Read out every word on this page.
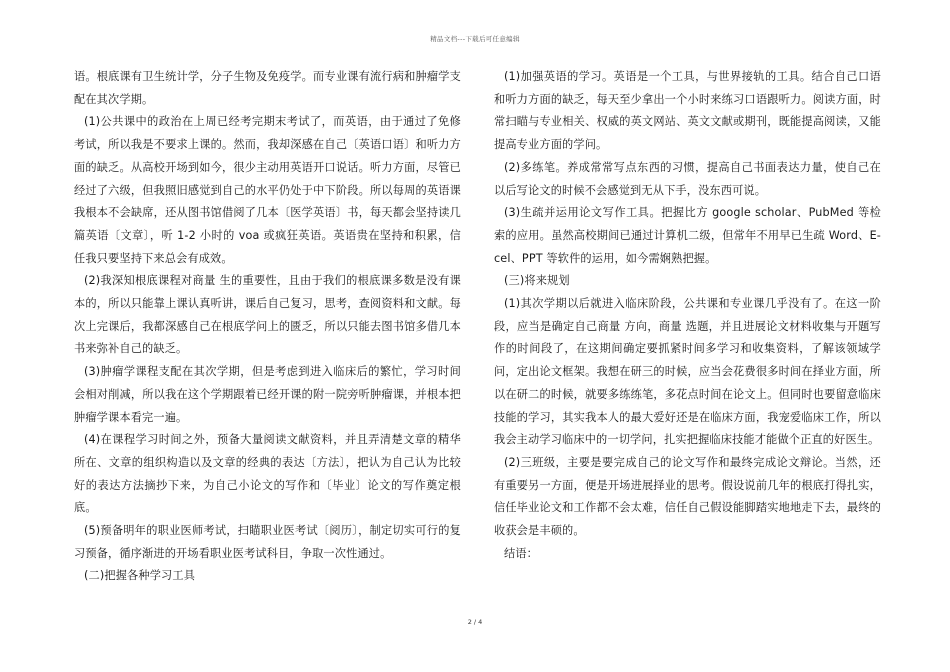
精品文档---下载后可任意编辑

语。根底课有卫生统计学，分子生物及免疫学。而专业课有流行病和肿瘤学支配在其次学期。

(1)公共课中的政治在上周已经考完期末考试了，而英语，由于通过了免修考试，所以我是不要求上课的。然而，我却深感在自己〔英语口语〕和听力方面的缺乏。从高校开场到如今，很少主动用英语开口说话。听力方面，尽管已经过了六级，但我照旧感觉到自己的水平仍处于中下阶段。所以每周的英语课我根本不会缺席，还从图书馆借阅了几本〔医学英语〕书，每天都会坚持读几篇英语〔文章〕，听 1-2 小时的 voa 或疯狂英语。英语贵在坚持和积累，信任我只要坚持下来总会有成效。

(2)我深知根底课程对商量 生的重要性，且由于我们的根底课多数是没有课本的，所以只能靠上课认真听讲，课后自己复习，思考，查阅资料和文献。每次上完课后，我都深感自己在根底学问上的匮乏，所以只能去图书馆多借几本书来弥补自己的缺乏。

(3)肿瘤学课程支配在其次学期，但是考虑到进入临床后的繁忙，学习时间会相对削减，所以我在这个学期跟着已经开课的附一院旁听肿瘤课，并根本把肿瘤学课本看完一遍。

(4)在课程学习时间之外，预备大量阅读文献资料，并且弄清楚文章的精华所在、文章的组织构造以及文章的经典的表达〔方法〕，把认为自己认为比较好的表达方法摘抄下来，为自己小论文的写作和〔毕业〕论文的写作奠定根底。

(5)预备明年的职业医师考试，扫瞄职业医考试〔阅历〕，制定切实可行的复习预备，循序渐进的开场看职业医考试科目，争取一次性通过。

(二)把握各种学习工具

(1)加强英语的学习。英语是一个工具，与世界接轨的工具。结合自己口语和听力方面的缺乏，每天至少拿出一个小时来练习口语跟听力。阅读方面，时常扫瞄与专业相关、权威的英文网站、英文文献或期刊，既能提高阅读，又能提高专业方面的学问。

(2)多练笔。养成常常写点东西的习惯，提高自己书面表达力量，使自己在以后写论文的时候不会感觉到无从下手，没东西可说。

(3)生疏并运用论文写作工具。把握比方 google scholar、PubMed 等检索的应用。虽然高校期间已通过计算机二级，但常年不用早已生疏 Word、E-cel、PPT 等软件的运用，如今需娴熟把握。

(三)将来规划

(1)其次学期以后就进入临床阶段，公共课和专业课几乎没有了。在这一阶段，应当是确定自己商量 方向，商量 选题，并且进展论文材料收集与开题写作的时间段了，在这期间确定要抓紧时间多学习和收集资料，了解该领域学问，定出论文框架。我想在研三的时候，应当会花费很多时间在择业方面，所以在研二的时候，就要多练练笔，多花点时间在论文上。但同时也要留意临床技能的学习，其实我本人的最大爱好还是在临床方面，我宠爱临床工作，所以我会主动学习临床中的一切学问，扎实把握临床技能才能做个正直的好医生。

(2)三班级，主要是要完成自己的论文写作和最终完成论文辩论。当然，还有重要另一方面，便是开场进展择业的思考。假设说前几年的根底打得扎实，信任毕业论文和工作都不会太难，信任自己假设能脚踏实地地走下去，最终的收获会是丰硕的。

结语：

2 / 4
